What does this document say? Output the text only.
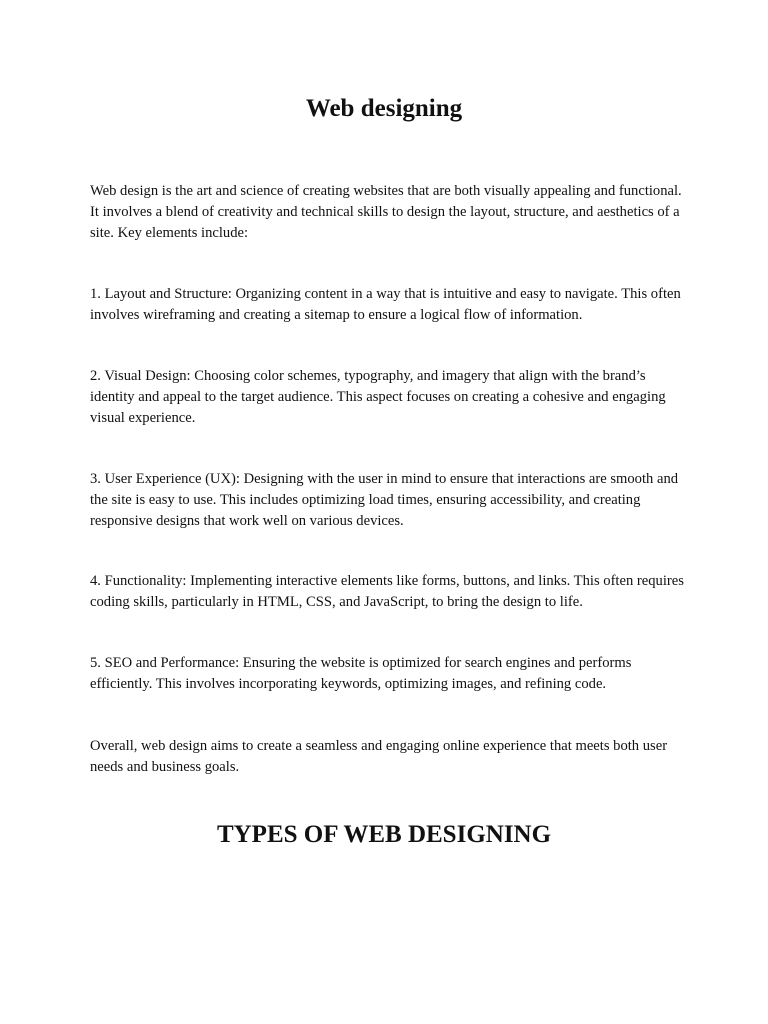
Web designing

Web design is the art and science of creating websites that are both visually appealing and functional. It involves a blend of creativity and technical skills to design the layout, structure, and aesthetics of a site. Key elements include:

1. Layout and Structure: Organizing content in a way that is intuitive and easy to navigate. This often involves wireframing and creating a sitemap to ensure a logical flow of information.

2. Visual Design: Choosing color schemes, typography, and imagery that align with the brand’s identity and appeal to the target audience. This aspect focuses on creating a cohesive and engaging visual experience.

3. User Experience (UX): Designing with the user in mind to ensure that interactions are smooth and the site is easy to use. This includes optimizing load times, ensuring accessibility, and creating responsive designs that work well on various devices.

4. Functionality: Implementing interactive elements like forms, buttons, and links. This often requires coding skills, particularly in HTML, CSS, and JavaScript, to bring the design to life.

5. SEO and Performance: Ensuring the website is optimized for search engines and performs efficiently. This involves incorporating keywords, optimizing images, and refining code.

Overall, web design aims to create a seamless and engaging online experience that meets both user needs and business goals.

TYPES OF WEB DESIGNING
